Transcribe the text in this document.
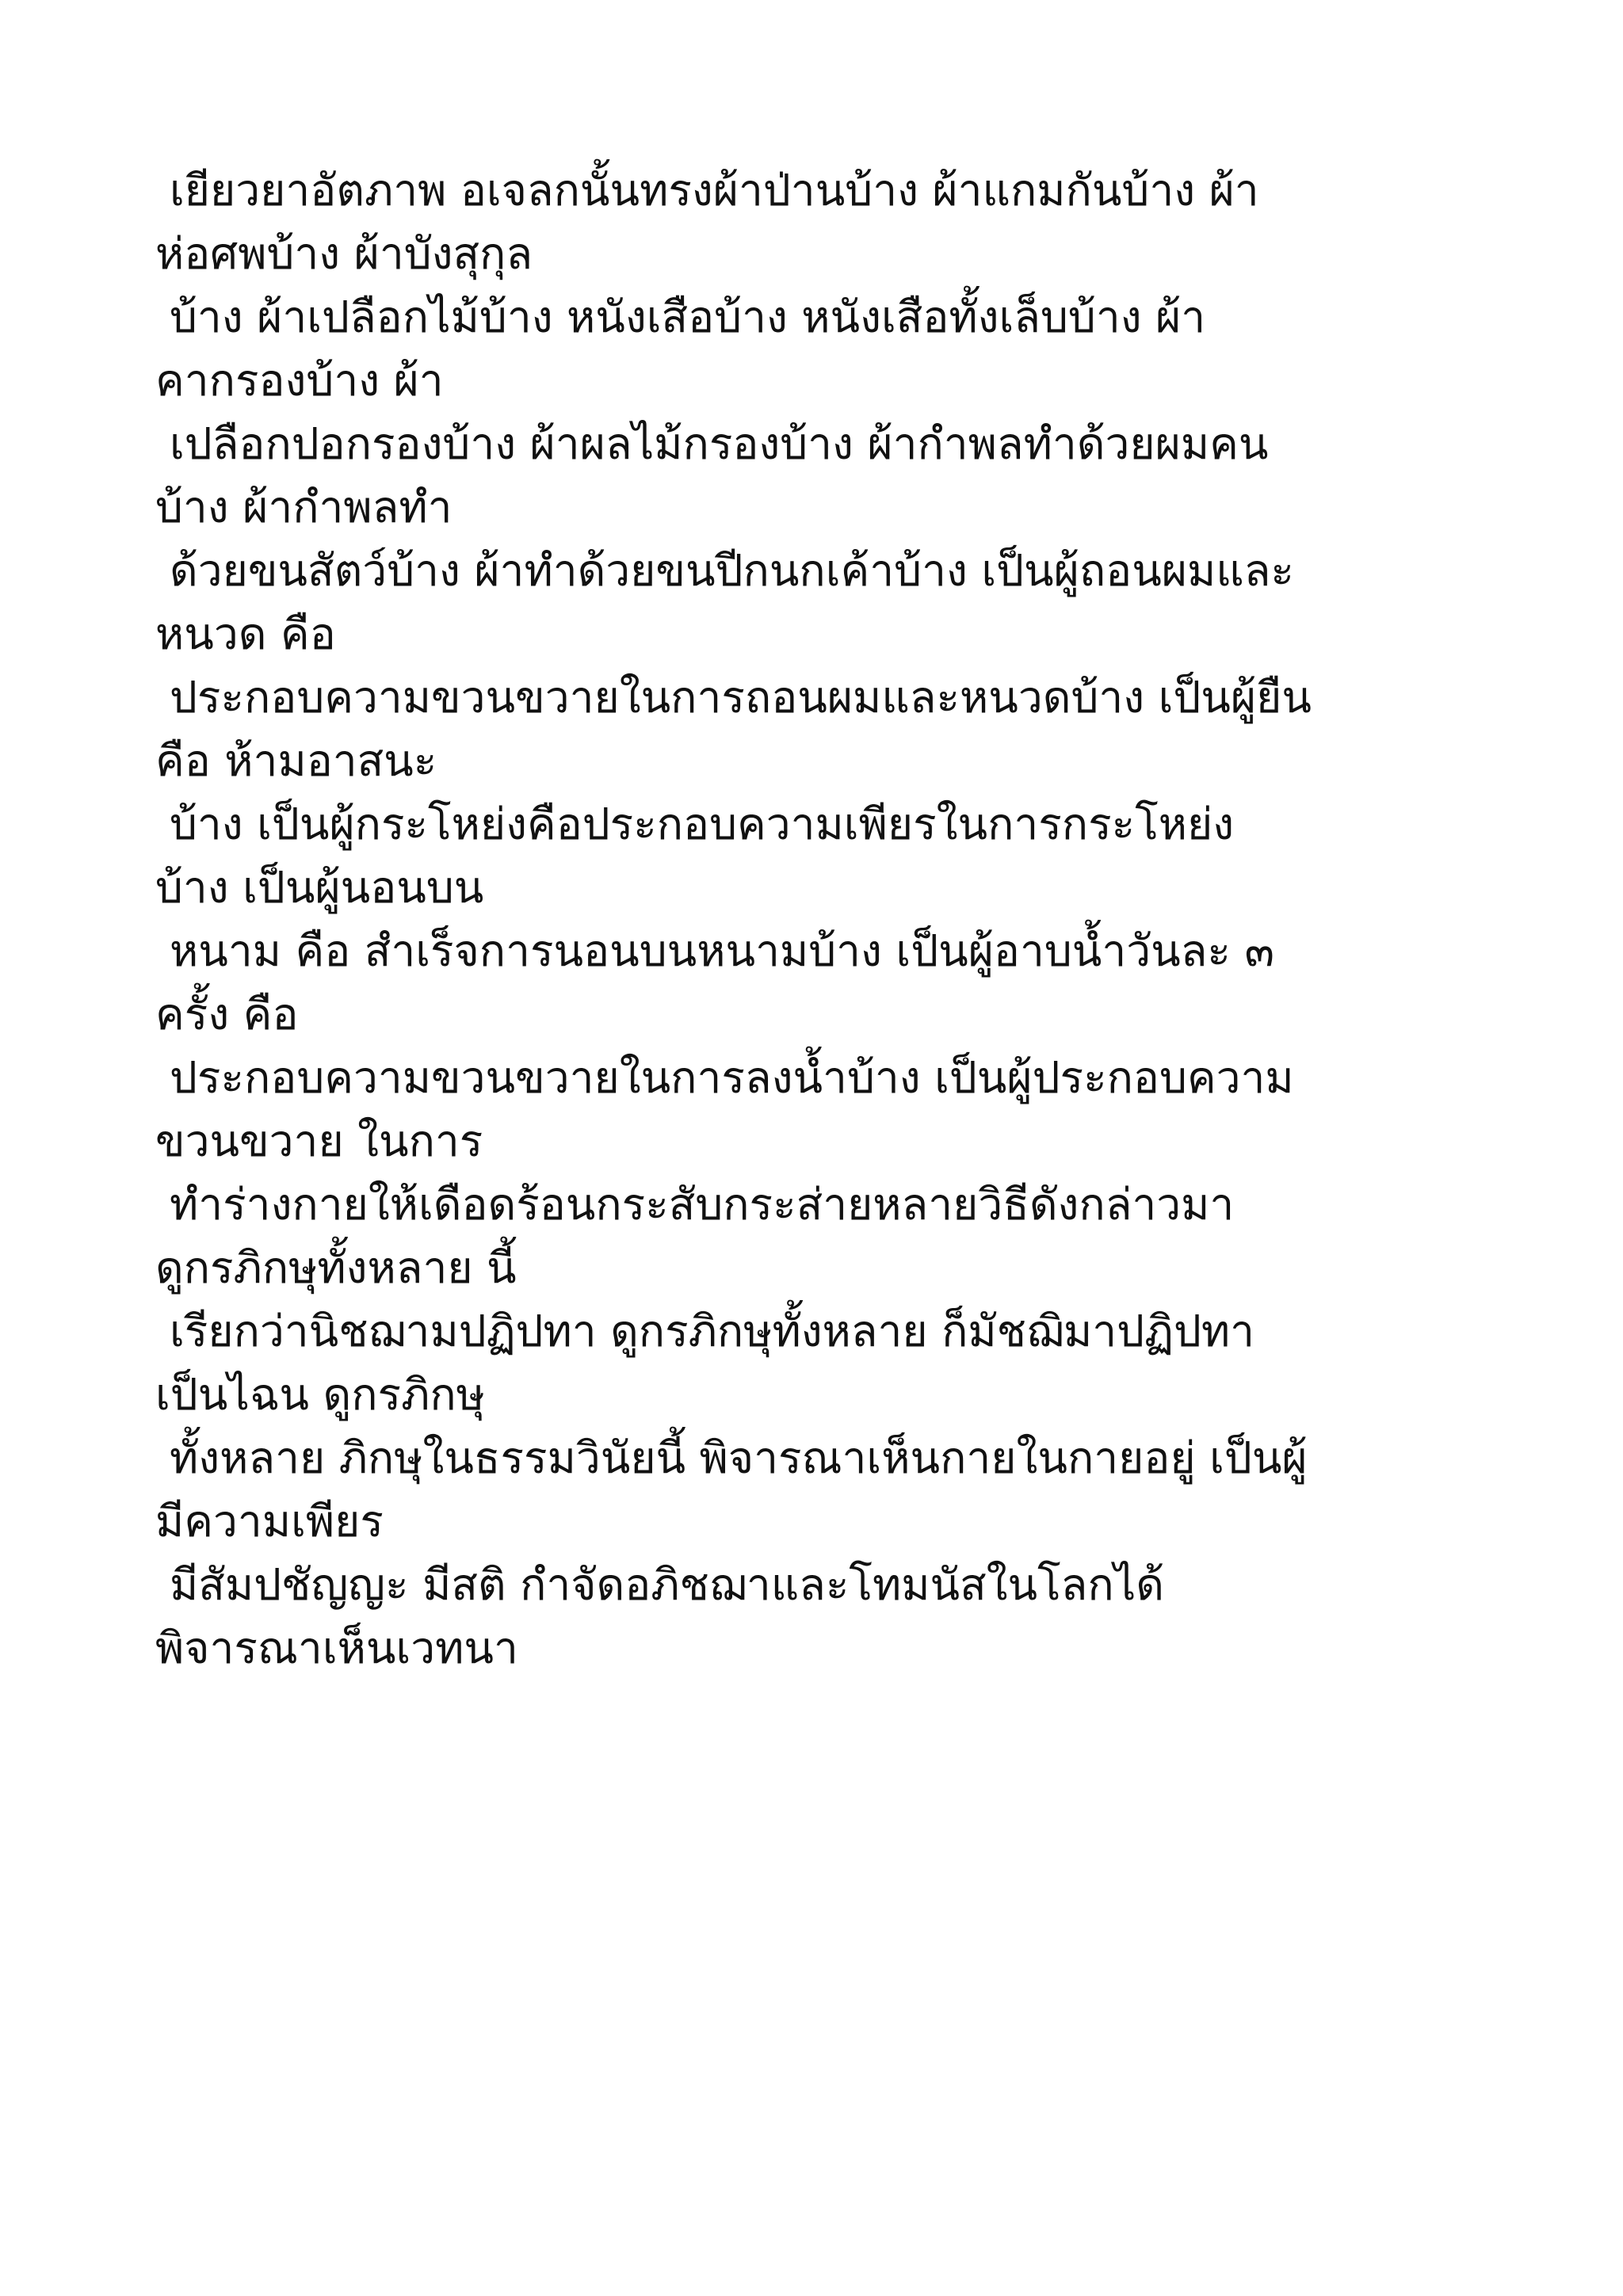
เยียวยาอัตภาพ อเจลกนั้นทรงผ้าป่านบ้าง ผ้าแกมกันบ้าง ผ้า
ห่อศพบ้าง ผ้าบังสุกุล
บ้าง ผ้าเปลือกไม้บ้าง หนังเสือบ้าง หนังเสือทั้งเล็บบ้าง ผ้า
คากรองบ้าง ผ้า
เปลือกปอกรองบ้าง ผ้าผลไม้กรองบ้าง ผ้ากำพลทำด้วยผมคน
บ้าง ผ้ากำพลทำ
ด้วยขนสัตว์บ้าง ผ้าทำด้วยขนปีกนกเค้าบ้าง เป็นผู้ถอนผมและ
หนวด คือ
ประกอบความขวนขวายในการถอนผมและหนวดบ้าง เป็นผู้ยืน
คือ ห้ามอาสนะ
บ้าง เป็นผู้กระโหย่งคือประกอบความเพียรในการกระโหย่ง
บ้าง เป็นผู้นอนบน
หนาม คือ สำเร็จการนอนบนหนามบ้าง เป็นผู้อาบน้ำวันละ ๓
ครั้ง คือ
ประกอบความขวนขวายในการลงน้ำบ้าง เป็นผู้ประกอบความ
ขวนขวาย ในการ
ทำร่างกายให้เดือดร้อนกระสับกระส่ายหลายวิธีดังกล่าวมา
ดูกรภิกษุทั้งหลาย นี้
เรียกว่านิชฌามปฏิปทา ดูกรภิกษุทั้งหลาย ก็มัชฌิมาปฏิปทา
เป็นไฉน ดูกรภิกษุ
ทั้งหลาย ภิกษุในธรรมวินัยนี้ พิจารณาเห็นกายในกายอยู่ เป็นผู้
มีความเพียร
มีสัมปชัญญะ มีสติ กำจัดอภิชฌาและโทมนัสในโลกได้
พิจารณาเห็นเวทนา
